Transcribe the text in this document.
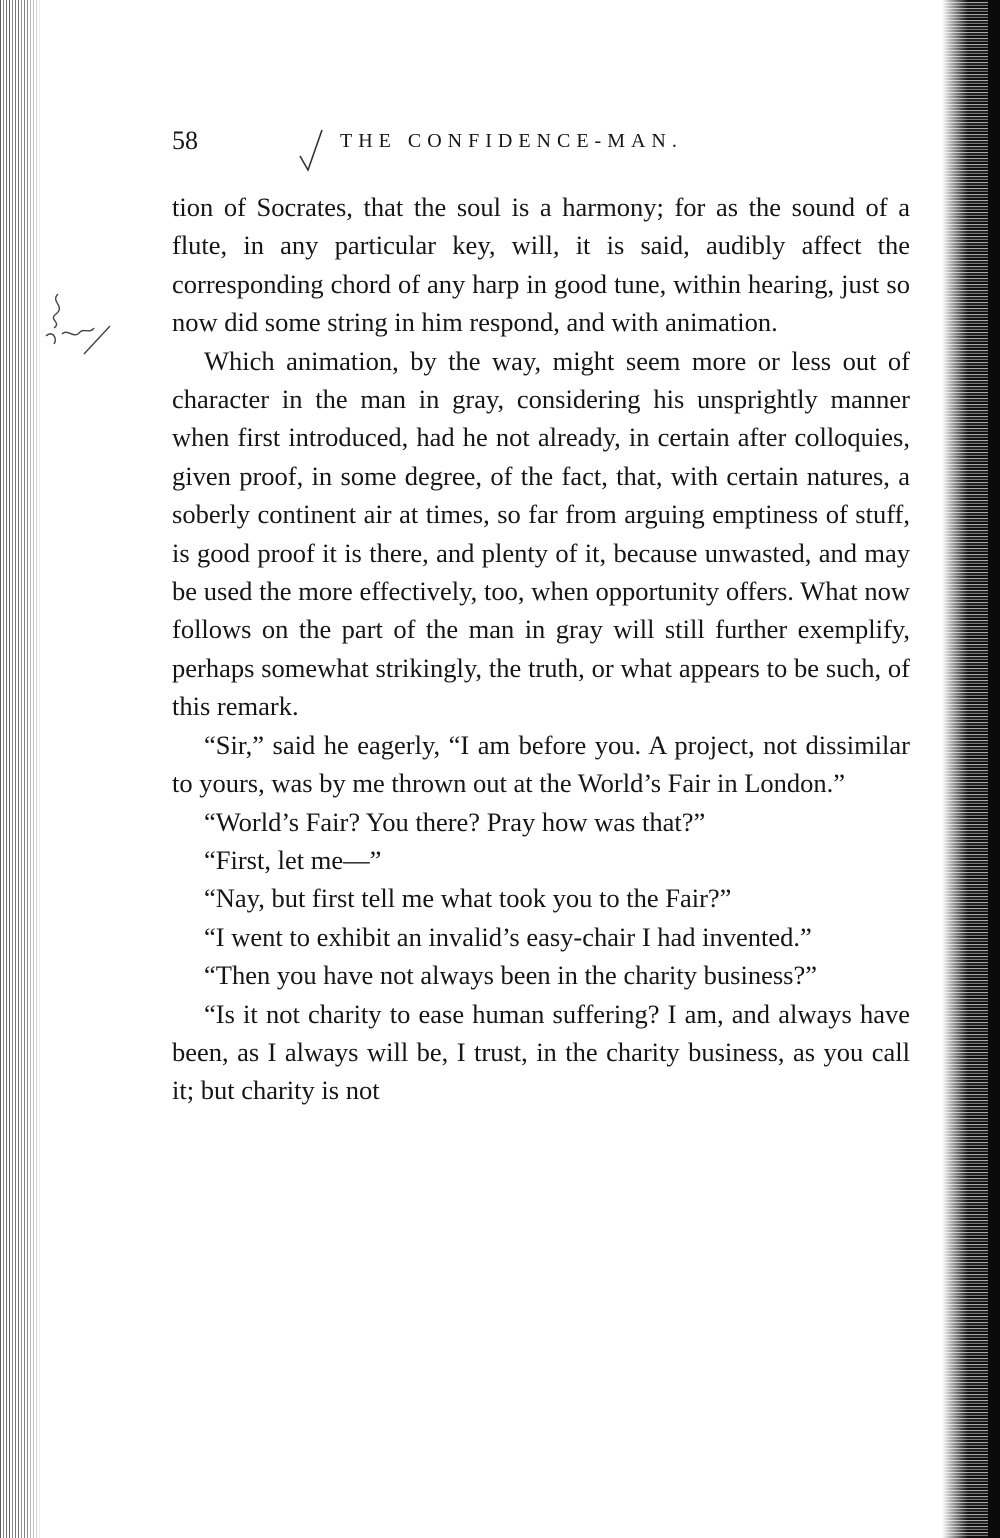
58	THE CONFIDENCE-MAN.

tion of Socrates, that the soul is a harmony; for as the sound of a flute, in any particular key, will, it is said, audibly affect the corresponding chord of any harp in good tune, within hearing, just so now did some string in him respond, and with animation.

Which animation, by the way, might seem more or less out of character in the man in gray, considering his unsprightly manner when first introduced, had he not already, in certain after colloquies, given proof, in some degree, of the fact, that, with certain natures, a soberly continent air at times, so far from arguing emptiness of stuff, is good proof it is there, and plenty of it, because unwasted, and may be used the more effectively, too, when opportunity offers. What now follows on the part of the man in gray will still further exemplify, perhaps somewhat strikingly, the truth, or what appears to be such, of this remark.

“Sir,” said he eagerly, “I am before you. A project, not dissimilar to yours, was by me thrown out at the World’s Fair in London.”

“World’s Fair? You there? Pray how was that?”

“First, let me—”

“Nay, but first tell me what took you to the Fair?”

“I went to exhibit an invalid’s easy-chair I had invented.”

“Then you have not always been in the charity business?”

“Is it not charity to ease human suffering? I am, and always have been, as I always will be, I trust, in the charity business, as you call it; but charity is not
